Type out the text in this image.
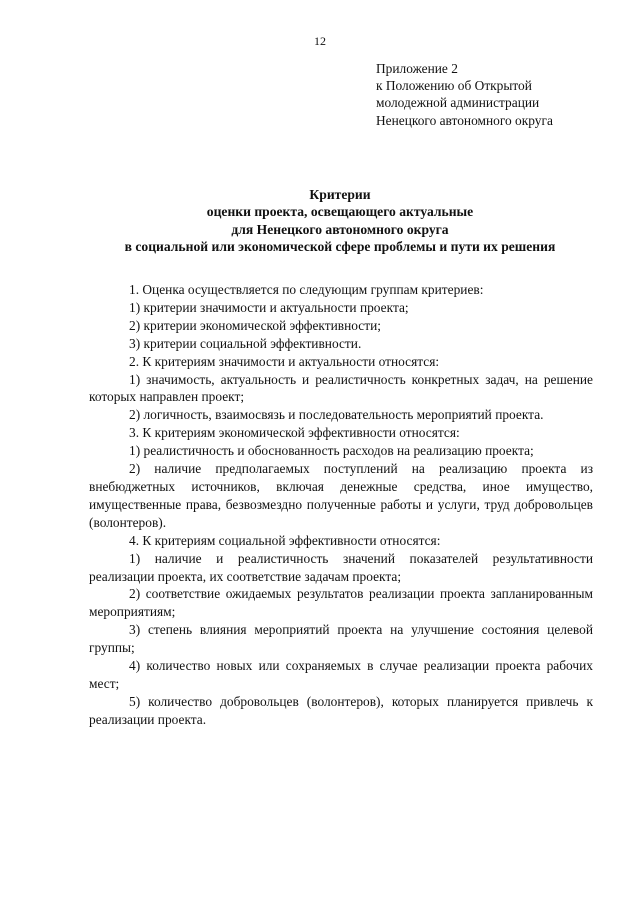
12
Приложение 2
к Положению об Открытой
молодежной администрации
Ненецкого автономного округа
Критерии
оценки проекта, освещающего актуальные
для Ненецкого автономного округа
в социальной или экономической сфере проблемы и пути их решения

1. Оценка осуществляется по следующим группам критериев:

1) критерии значимости и актуальности проекта;

2) критерии экономической эффективности;

3) критерии социальной эффективности.

2. К критериям значимости и актуальности относятся:

1) значимость, актуальность и реалистичность конкретных задач, на решение которых направлен проект;

2) логичность, взаимосвязь и последовательность мероприятий проекта.

3. К критериям экономической эффективности относятся:

1) реалистичность и обоснованность расходов на реализацию проекта;

2) наличие предполагаемых поступлений на реализацию проекта из внебюджетных источников, включая денежные средства, иное имущество, имущественные права, безвозмездно полученные работы и услуги, труд добровольцев (волонтеров).

4. К критериям социальной эффективности относятся:

1) наличие и реалистичность значений показателей результативности реализации проекта, их соответствие задачам проекта;

2) соответствие ожидаемых результатов реализации проекта запланированным мероприятиям;

3) степень влияния мероприятий проекта на улучшение состояния целевой группы;

4) количество новых или сохраняемых в случае реализации проекта рабочих мест;

5) количество добровольцев (волонтеров), которых планируется привлечь к реализации проекта.
